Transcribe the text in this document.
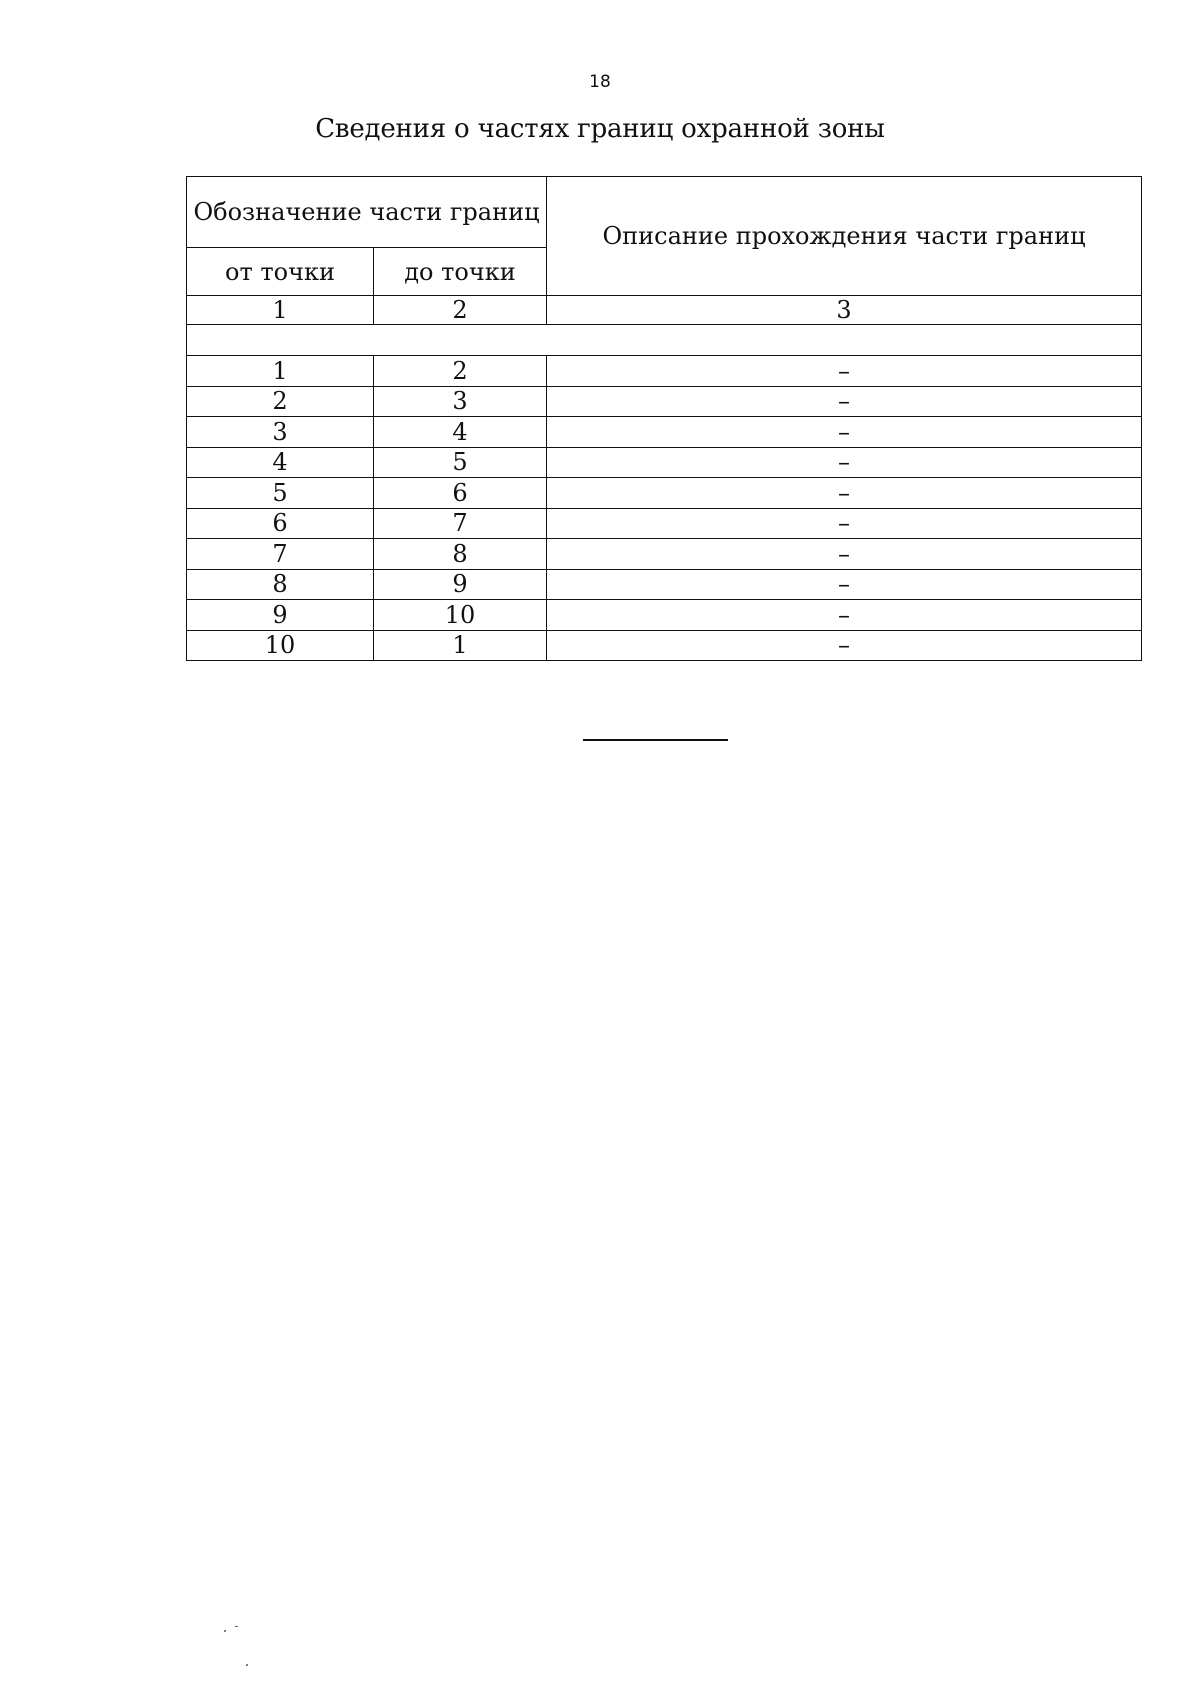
18
Сведения о частях границ охранной зоны
Обозначение части границ		Описание прохождения части границ
от точки	до точки	
1	2	3

1	2	–
2	3	–
3	4	–
4	5	–
5	6	–
6	7	–
7	8	–
8	9	–
9	10	–
10	1	–
